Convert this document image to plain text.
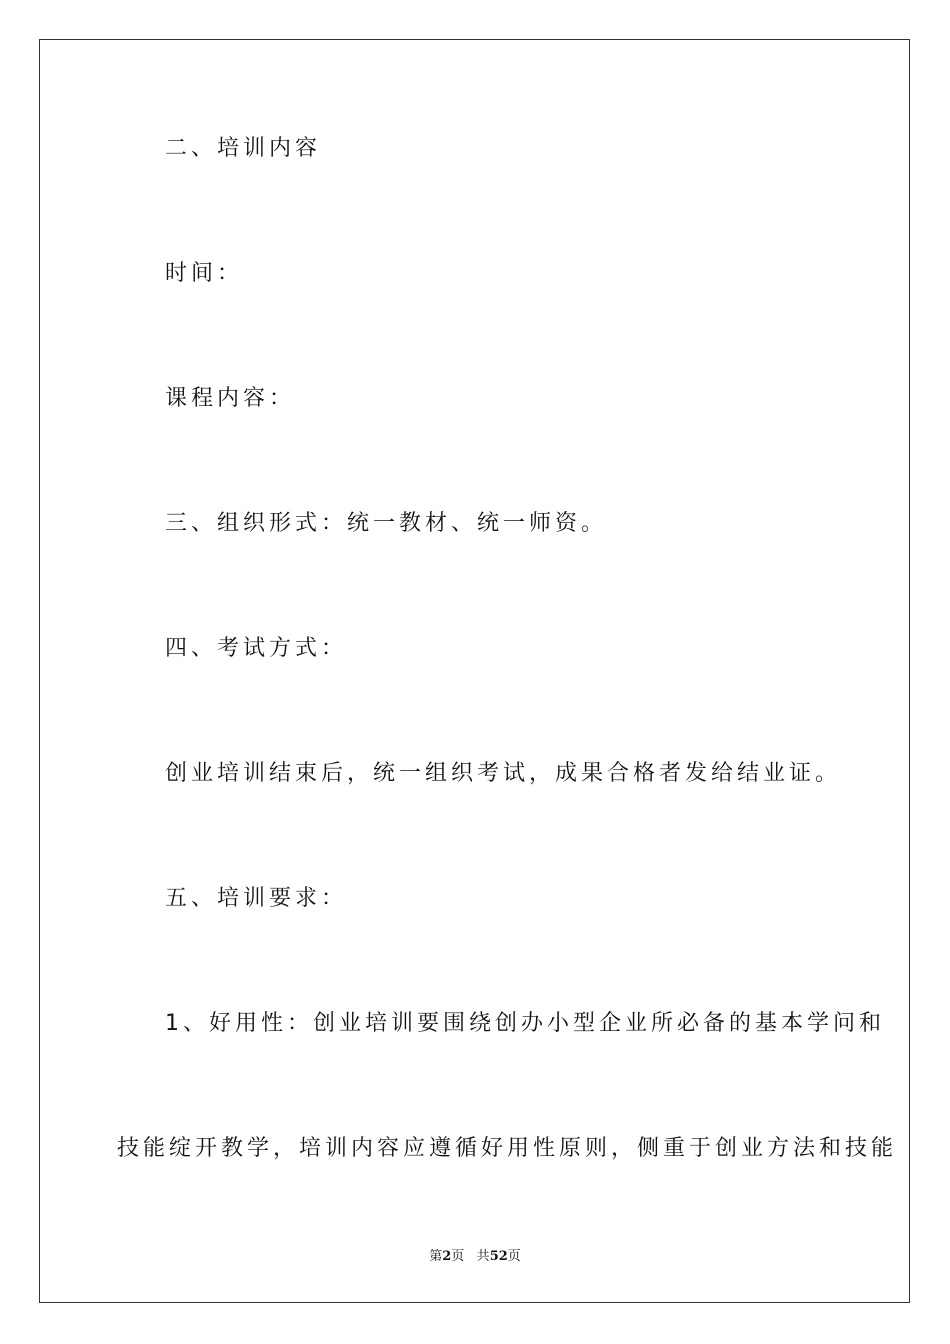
二、培训内容
时间：
课程内容：
三、组织形式：统一教材、统一师资。
四、考试方式：
创业培训结束后，统一组织考试，成果合格者发给结业证。
五、培训要求：
1、好用性：创业培训要围绕创办小型企业所必备的基本学问和
技能绽开教学，培训内容应遵循好用性原则，侧重于创业方法和技能
第2页 共52页
